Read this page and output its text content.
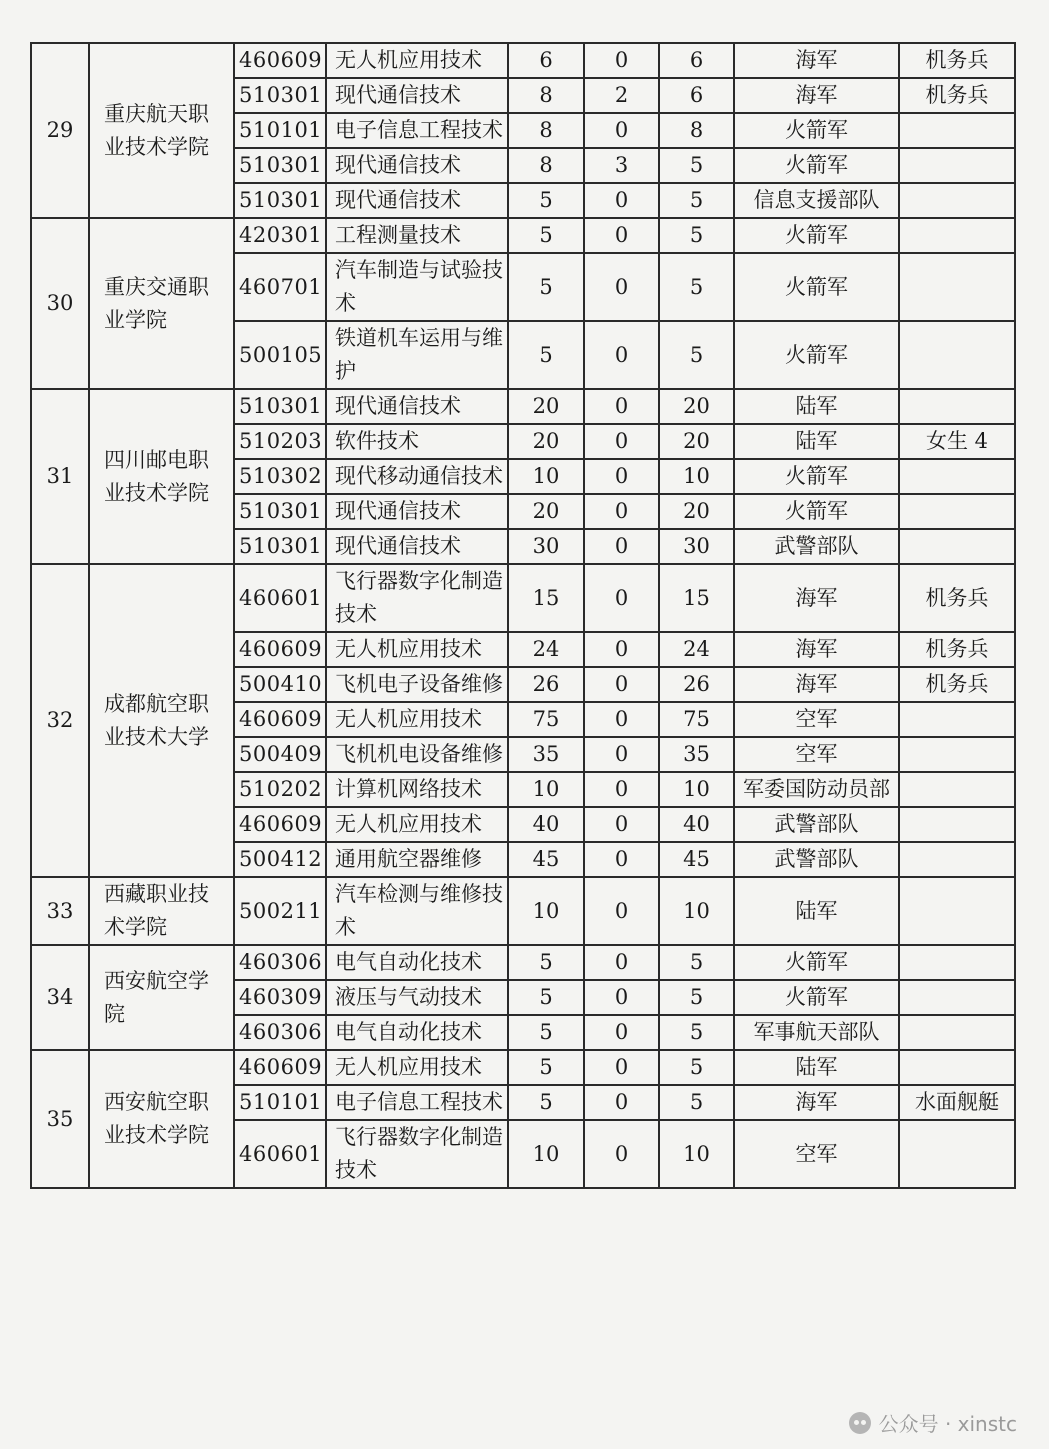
29	重庆航天职业技术学院	460609	无人机应用技术	6	0	6	海军	机务兵
		510301	现代通信技术	8	2	6	海军	机务兵
		510101	电子信息工程技术	8	0	8	火箭军	
		510301	现代通信技术	8	3	5	火箭军	
		510301	现代通信技术	5	0	5	信息支援部队	
30	重庆交通职业学院	420301	工程测量技术	5	0	5	火箭军	
		460701	汽车制造与试验技术	5	0	5	火箭军	
		500105	铁道机车运用与维护	5	0	5	火箭军	
31	四川邮电职业技术学院	510301	现代通信技术	20	0	20	陆军	
		510203	软件技术	20	0	20	陆军	女生 4
		510302	现代移动通信技术	10	0	10	火箭军	
		510301	现代通信技术	20	0	20	火箭军	
		510301	现代通信技术	30	0	30	武警部队	
32	成都航空职业技术大学	460601	飞行器数字化制造技术	15	0	15	海军	机务兵
		460609	无人机应用技术	24	0	24	海军	机务兵
		500410	飞机电子设备维修	26	0	26	海军	机务兵
		460609	无人机应用技术	75	0	75	空军	
		500409	飞机机电设备维修	35	0	35	空军	
		510202	计算机网络技术	10	0	10	军委国防动员部	
		460609	无人机应用技术	40	0	40	武警部队	
		500412	通用航空器维修	45	0	45	武警部队	
33	西藏职业技术学院	500211	汽车检测与维修技术	10	0	10	陆军	
34	西安航空学院	460306	电气自动化技术	5	0	5	火箭军	
		460309	液压与气动技术	5	0	5	火箭军	
		460306	电气自动化技术	5	0	5	军事航天部队	
35	西安航空职业技术学院	460609	无人机应用技术	5	0	5	陆军	
		510101	电子信息工程技术	5	0	5	海军	水面舰艇
		460601	飞行器数字化制造技术	10	0	10	空军	
公众号 · xinstc
